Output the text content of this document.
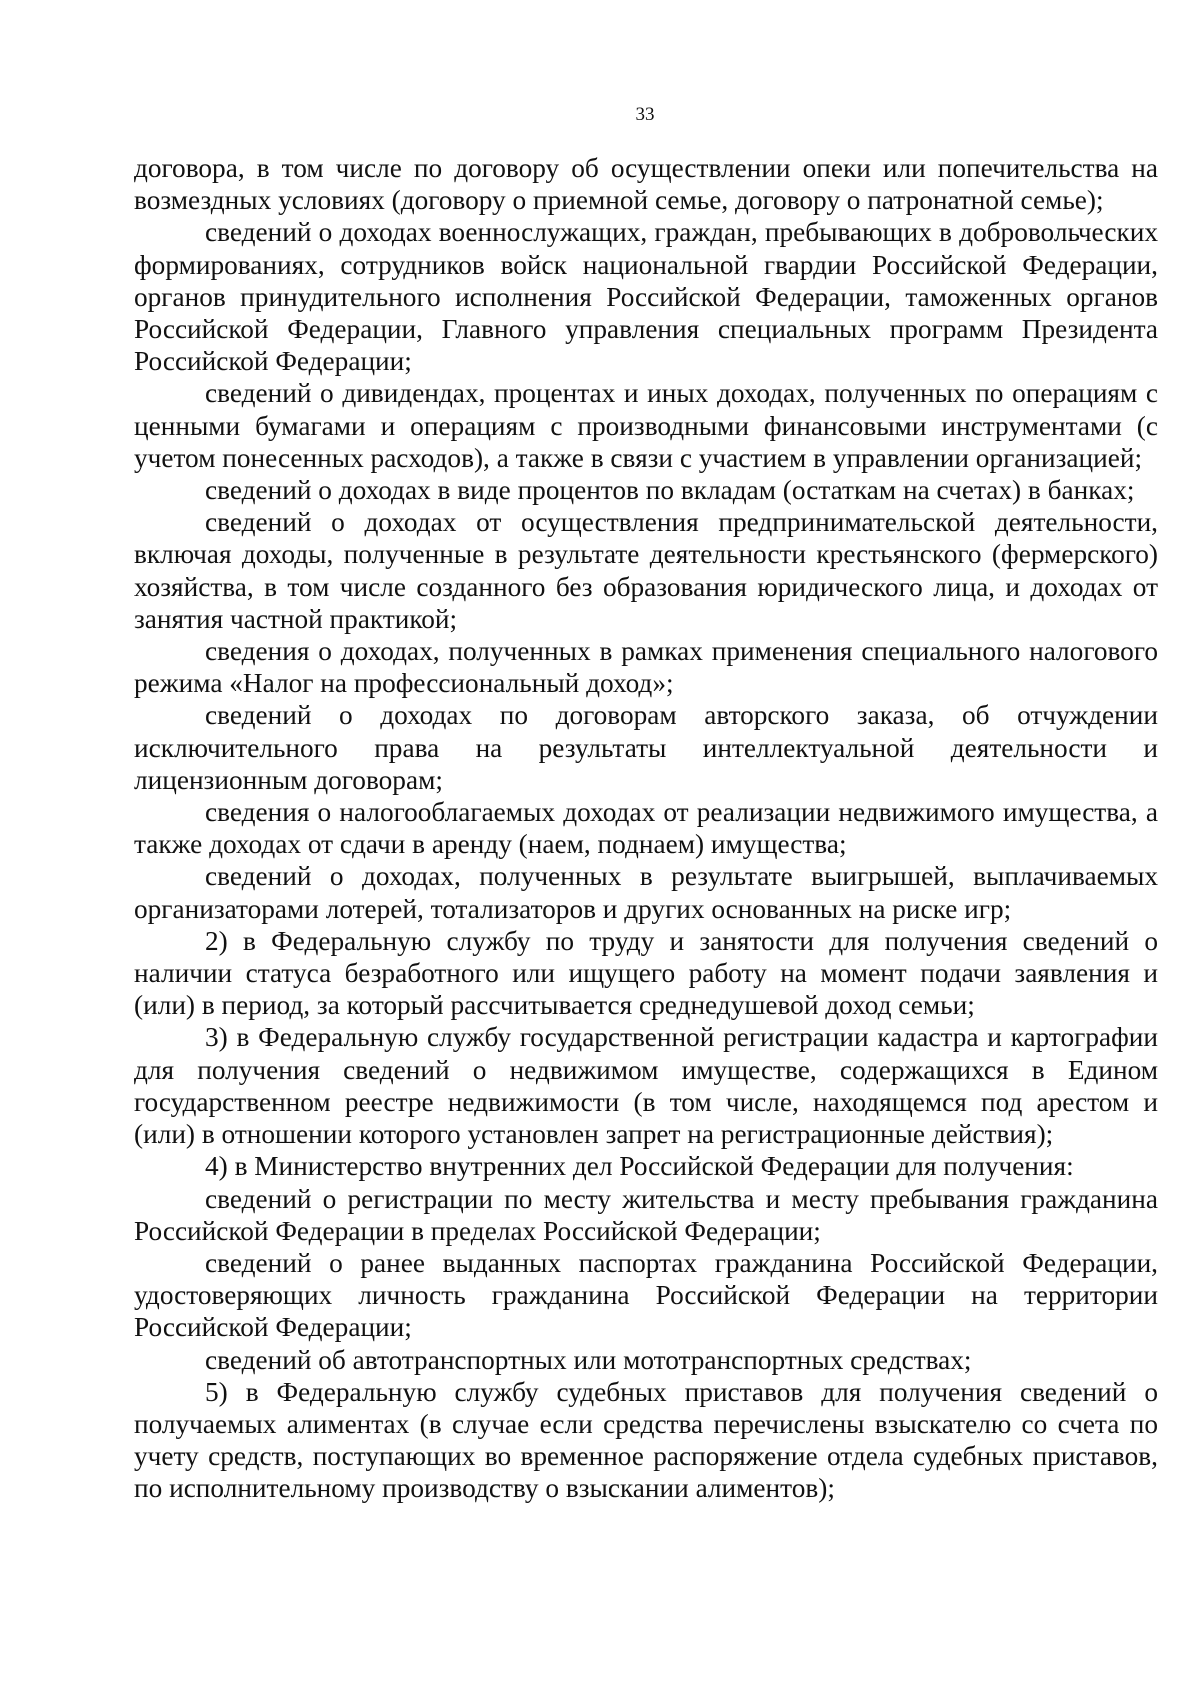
33

договора, в том числе по договору об осуществлении опеки или попечительства на возмездных условиях (договору о приемной семье, договору о патронатной семье);

сведений о доходах военнослужащих, граждан, пребывающих в добровольческих формированиях, сотрудников войск национальной гвардии Российской Федерации, органов принудительного исполнения Российской Федерации, таможенных органов Российской Федерации, Главного управления специальных программ Президента Российской Федерации;

сведений о дивидендах, процентах и иных доходах, полученных по операциям с ценными бумагами и операциям с производными финансовыми инструментами (с учетом понесенных расходов), а также в связи с участием в управлении организацией;

сведений о доходах в виде процентов по вкладам (остаткам на счетах) в банках;

сведений о доходах от осуществления предпринимательской деятельности, включая доходы, полученные в результате деятельности крестьянского (фермерского) хозяйства, в том числе созданного без образования юридического лица, и доходах от занятия частной практикой;

сведения о доходах, полученных в рамках применения специального налогового режима «Налог на профессиональный доход»;

сведений о доходах по договорам авторского заказа, об отчуждении исключительного права на результаты интеллектуальной деятельности и лицензионным договорам;

сведения о налогооблагаемых доходах от реализации недвижимого имущества, а также доходах от сдачи в аренду (наем, поднаем) имущества;

сведений о доходах, полученных в результате выигрышей, выплачиваемых организаторами лотерей, тотализаторов и других основанных на риске игр;

2) в Федеральную службу по труду и занятости для получения сведений о наличии статуса безработного или ищущего работу на момент подачи заявления и (или) в период, за который рассчитывается среднедушевой доход семьи;

3) в Федеральную службу государственной регистрации кадастра и картографии для получения сведений о недвижимом имуществе, содержащихся в Едином государственном реестре недвижимости (в том числе, находящемся под арестом и (или) в отношении которого установлен запрет на регистрационные действия);

4) в Министерство внутренних дел Российской Федерации для получения:

сведений о регистрации по месту жительства и месту пребывания гражданина Российской Федерации в пределах Российской Федерации;

сведений о ранее выданных паспортах гражданина Российской Федерации, удостоверяющих личность гражданина Российской Федерации на территории Российской Федерации;

сведений об автотранспортных или мототранспортных средствах;

5) в Федеральную службу судебных приставов для получения сведений о получаемых алиментах (в случае если средства перечислены взыскателю со счета по учету средств, поступающих во временное распоряжение отдела судебных приставов, по исполнительному производству о взыскании алиментов);
